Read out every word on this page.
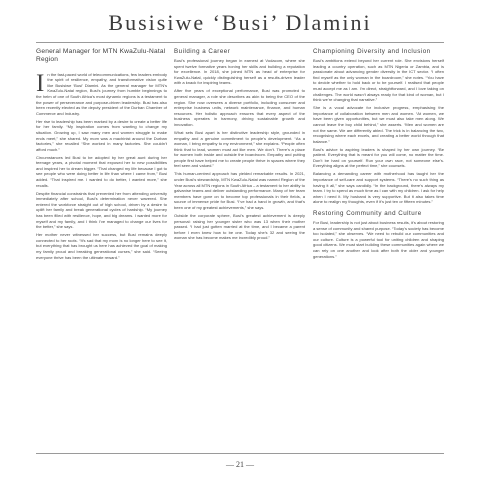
Busisiwe ‘Busi’ Dlamini
General Manager for MTN KwaZulu-Natal Region

In the fast-paced world of telecommunications, few leaders embody the spirit of resilience, empathy, and transformative vision quite like Busisiwe ‘Busi’ Dlamini. As the general manager for MTN’s KwaZulu-Natal region, Busi’s journey from humble beginnings to the helm of one of South Africa’s most dynamic regions is a testament to the power of perseverance and purpose-driven leadership. Busi has also been recently elected as the deputy president of the Durban Chamber of Commerce and Industry.

Her rise to leadership has been marked by a desire to create a better life for her family. “My inspiration comes from wanting to change my situation. Growing up, I saw many men and women struggle to make ends meet,” she shared. My mom was a machinist around the Durban factories,” she recalled “She worked in many factories. She couldn’t afford much.”

Circumstances led Busi to be adopted by her great aunt during her teenage years, a pivotal moment that exposed her to new possibilities and inspired her to dream bigger. “That changed my life because I got to see people who were doing better in life than where I came from,” Busi added. “That inspired me. I wanted to do better, I wanted more,” she recalls.

Despite financial constraints that prevented her from attending university immediately after school, Busi’s determination never wavered. She entered the workforce straight out of high school, driven by a desire to uplift her family and break generational cycles of hardship. “My journey has been filled with resilience, hope, and big dreams. I wanted more for myself and my family, and I think I’ve managed to change our lives for the better,” she says.

Her mother never witnessed her success, but Busi remains deeply connected to her roots. “It’s sad that my mom is no longer here to see it, but everything that has brought us here has achieved the goal of making my family proud and breaking generational curses,” she said. “Seeing everyone thrive has been the ultimate reward.”

Building a Career

Busi’s professional journey began in earnest at Vodacom, where she spent twelve formative years honing her skills and building a reputation for excellence. In 2018, she joined MTN as head of enterprise for KwaZulu-Natal, quickly distinguishing herself as a results-driven leader with a knack for inspiring teams.

After five years of exceptional performance, Busi was promoted to general manager, a role she describes as akin to being the CEO of the region. She now oversees a diverse portfolio, including consumer and enterprise business units, network maintenance, finance, and human resources. Her holistic approach ensures that every aspect of the business operates in harmony, driving sustainable growth and innovation.

What sets Busi apart is her distinctive leadership style, grounded in empathy and a genuine commitment to people’s development. “As a woman, I bring empathy to my environment,” she explains. “People often think that to lead, women must act like men. We don’t. There’s a place for women both inside and outside the boardroom. Empathy and putting people first have helped me to create people thrive in spaces where they feel seen and valued.”

This human-centred approach has yielded remarkable results. In 2021, under Busi’s stewardship, MTN KwaZulu-Natal was named Region of the Year across all MTN regions in South Africa – a testament to her ability to galvanise teams and deliver outstanding performance. Many of her team members have gone on to become top professionals in their fields, a source of immense pride for Busi. “I’ve had a hand in growth, and that’s been one of my greatest achievements,” she says.

Outside the corporate sphere, Busi’s greatest achievement is deeply personal: raising her younger sister who was 13 when their mother passed. “I had just gotten married at the time, and I became a parent before I even knew how to be one. Today she’s 32 and seeing the woman she has become makes me incredibly proud.”

Championing Diversity and Inclusion

Busi’s ambitions extend beyond her current role. She envisions herself leading a country operation, such as MTN Nigeria or Zambia, and is passionate about advancing gender diversity in the ICT sector. “I often find myself as the only woman in the boardroom,” she notes. “You have to decide whether to hold back or to be yourself. I realised that people must accept me as I am. I’m direct, straightforward, and I love taking on challenges. The world wasn’t always ready for that kind of woman, but I think we’re changing that narrative.”

She is a vocal advocate for inclusive progress, emphasising the importance of collaboration between men and women. “At women, we have been given opportunities, but we must also take men along. We cannot leave the boy child behind,” she asserts. “Men and women are not the same. We are differently abled. The trick is in balancing the two, recognising where each excels, and creating a better world through that balance.”

Busi’s advice to aspiring leaders is shaped by her own journey. “Be patient. Everything that is meant for you will come, no matter the time. Don’t be hard on yourself. Run your own race, not someone else’s. Everything aligns at the perfect time,” she counsels.

Balancing a demanding career with motherhood has taught her the importance of self-care and support systems. “There’s no such thing as having it all,” she says candidly. “In the background, there’s always my team. I try to spend as much time as I can with my children. I ask for help when I need it. My husband is very supportive. But it also takes time alone to realign my thoughts, even if it’s just ten or fifteen minutes.”

Restoring Community and Culture

For Busi, leadership is not just about business results, it’s about restoring a sense of community and shared purpose. “Today’s society has become too isolated,” she observes. “We need to rebuild our communities and our culture. Culture is a powerful tool for uniting children and shaping good citizens. We must start building these communities again where we can rely on one another and look after both the older and younger generations.”

— 21 —
